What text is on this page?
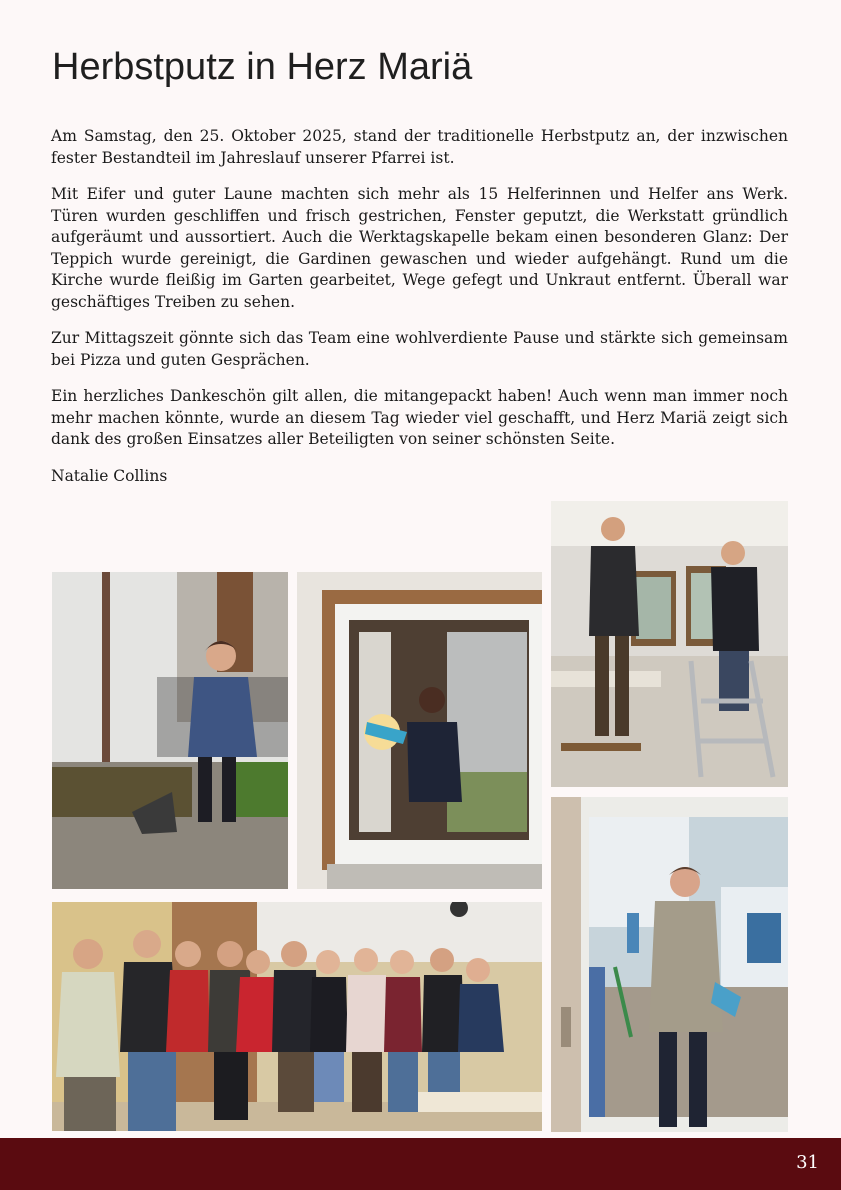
Herbstputz in Herz Mariä

Am Samstag, den 25. Oktober 2025, stand der traditionelle Herbstputz an, der inzwischen fester Bestandteil im Jahreslauf unserer Pfarrei ist.

Mit Eifer und guter Laune machten sich mehr als 15 Helferinnen und Helfer ans Werk. Türen wurden geschliffen und frisch gestrichen, Fenster geputzt, die Werkstatt gründlich aufgeräumt und aussortiert. Auch die Werktagskapelle bekam einen besonderen Glanz: Der Teppich wurde gereinigt, die Gardinen gewaschen und wieder aufgehängt. Rund um die Kirche wurde fleißig im Garten gearbeitet, Wege gefegt und Unkraut entfernt. Überall war geschäftiges Treiben zu sehen.

Zur Mittagszeit gönnte sich das Team eine wohlverdiente Pause und stärkte sich gemeinsam bei Pizza und guten Gesprächen.

Ein herzliches Dankeschön gilt allen, die mitangepackt haben! Auch wenn man immer noch mehr machen könnte, wurde an diesem Tag wieder viel geschafft, und Herz Mariä zeigt sich dank des großen Einsatzes aller Beteiligten von seiner schönsten Seite.

Natalie Collins

31
